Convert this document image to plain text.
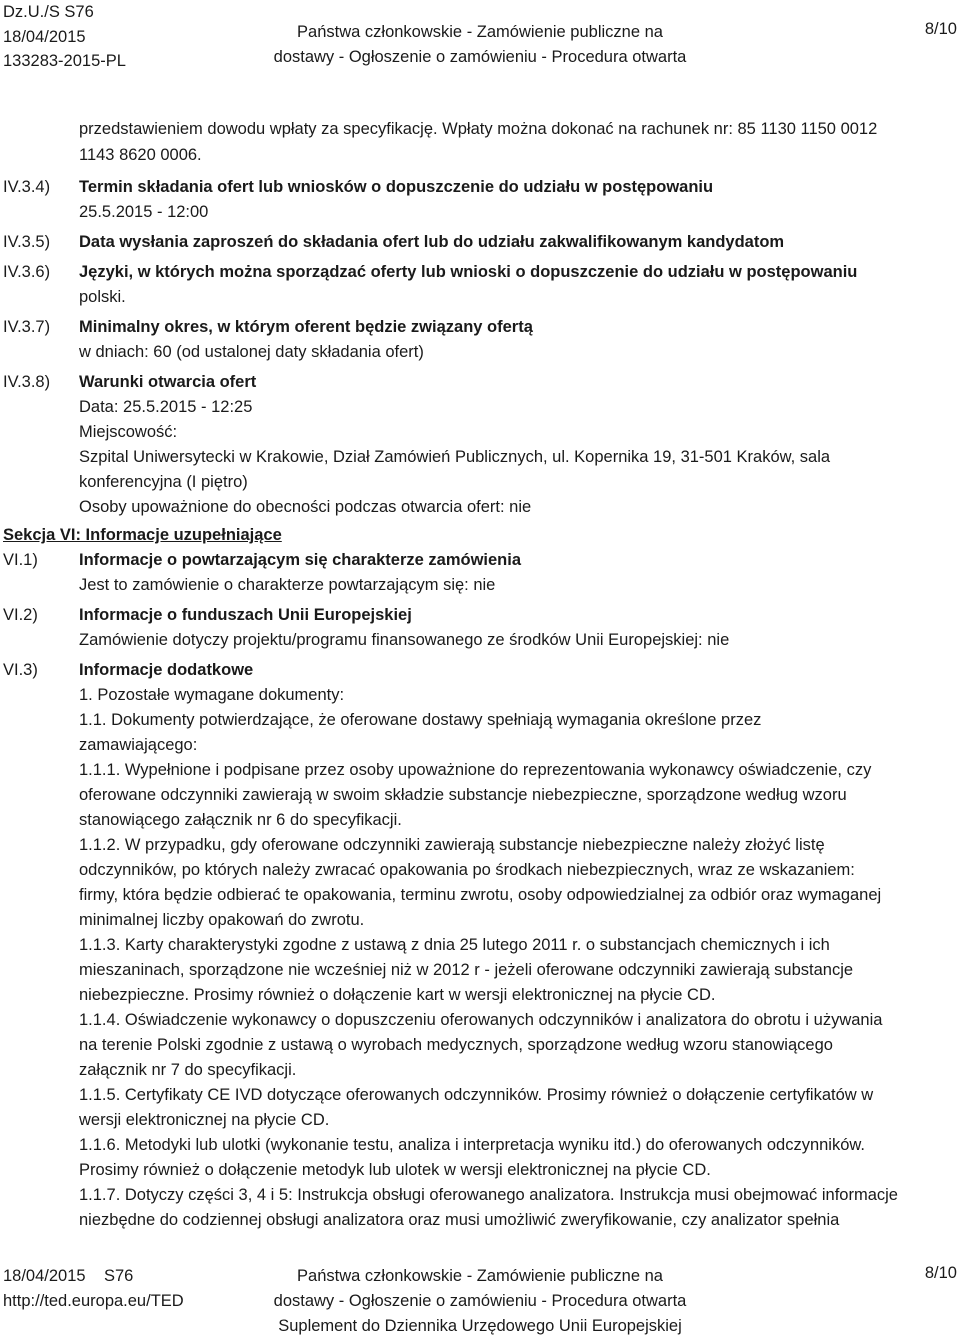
Dz.U./S S76
18/04/2015
133283-2015-PL
Państwa członkowskie - Zamówienie publiczne na
dostawy - Ogłoszenie o zamówieniu - Procedura otwarta
8/10
przedstawieniem dowodu wpłaty za specyfikację. Wpłaty można dokonać na rachunek nr: 85 1130 1150 0012
1143 8620 0006.
IV.3.4) Termin składania ofert lub wniosków o dopuszczenie do udziału w postępowaniu
25.5.2015 - 12:00
IV.3.5) Data wysłania zaproszeń do składania ofert lub do udziału zakwalifikowanym kandydatom
IV.3.6) Języki, w których można sporządzać oferty lub wnioski o dopuszczenie do udziału w postępowaniu
polski.
IV.3.7) Minimalny okres, w którym oferent będzie związany ofertą
w dniach: 60 (od ustalonej daty składania ofert)
IV.3.8) Warunki otwarcia ofert
Data: 25.5.2015 - 12:25
Miejscowość:
Szpital Uniwersytecki w Krakowie, Dział Zamówień Publicznych, ul. Kopernika 19, 31-501 Kraków, sala
konferencyjna (I piętro)
Osoby upoważnione do obecności podczas otwarcia ofert: nie
Sekcja VI: Informacje uzupełniające
VI.1) Informacje o powtarzającym się charakterze zamówienia
Jest to zamówienie o charakterze powtarzającym się: nie
VI.2) Informacje o funduszach Unii Europejskiej
Zamówienie dotyczy projektu/programu finansowanego ze środków Unii Europejskiej: nie
VI.3) Informacje dodatkowe
1. Pozostałe wymagane dokumenty:
1.1. Dokumenty potwierdzające, że oferowane dostawy spełniają wymagania określone przez
zamawiającego:
1.1.1. Wypełnione i podpisane przez osoby upoważnione do reprezentowania wykonawcy oświadczenie, czy
oferowane odczynniki zawierają w swoim składzie substancje niebezpieczne, sporządzone według wzoru
stanowiącego załącznik nr 6 do specyfikacji.
1.1.2. W przypadku, gdy oferowane odczynniki zawierają substancje niebezpieczne należy złożyć listę
odczynników, po których należy zwracać opakowania po środkach niebezpiecznych, wraz ze wskazaniem:
firmy, która będzie odbierać te opakowania, terminu zwrotu, osoby odpowiedzialnej za odbiór oraz wymaganej
minimalnej liczby opakowań do zwrotu.
1.1.3. Karty charakterystyki zgodne z ustawą z dnia 25 lutego 2011 r. o substancjach chemicznych i ich
mieszaninach, sporządzone nie wcześniej niż w 2012 r - jeżeli oferowane odczynniki zawierają substancje
niebezpieczne. Prosimy również o dołączenie kart w wersji elektronicznej na płycie CD.
1.1.4. Oświadczenie wykonawcy o dopuszczeniu oferowanych odczynników i analizatora do obrotu i używania
na terenie Polski zgodnie z ustawą o wyrobach medycznych, sporządzone według wzoru stanowiącego
załącznik nr 7 do specyfikacji.
1.1.5. Certyfikaty CE IVD dotyczące oferowanych odczynników. Prosimy również o dołączenie certyfikatów w
wersji elektronicznej na płycie CD.
1.1.6. Metodyki lub ulotki (wykonanie testu, analiza i interpretacja wyniku itd.) do oferowanych odczynników.
Prosimy również o dołączenie metodyk lub ulotek w wersji elektronicznej na płycie CD.
1.1.7. Dotyczy części 3, 4 i 5: Instrukcja obsługi oferowanego analizatora. Instrukcja musi obejmować informacje
niezbędne do codziennej obsługi analizatora oraz musi umożliwić zweryfikowanie, czy analizator spełnia
18/04/2015 S76
http://ted.europa.eu/TED
Państwa członkowskie - Zamówienie publiczne na
dostawy - Ogłoszenie o zamówieniu - Procedura otwarta
Suplement do Dziennika Urzędowego Unii Europejskiej
8/10
